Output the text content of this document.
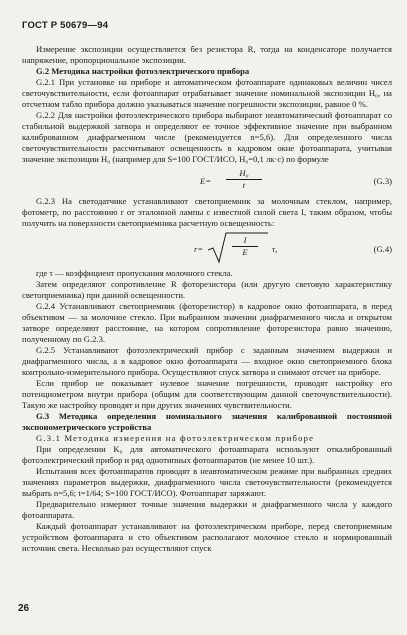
ГОСТ Р 50679—94

Измерение экспозиции осуществляется без резистора R, тогда на конденсаторе получается напряжение, пропорциональное экспозиции.

G.2 Методика настройки фотоэлектрического прибора

G.2.1 При установке на приборе и автоматическом фотоаппарате одинаковых величин чисел светочувствительности, если фотоаппарат отрабатывает значение номинальной экспозиции H₀, на отсчетном табло прибора должно указываться значение погрешности экспозиции, равное 0 %.

G.2.2 Для настройки фотоэлектрического прибора выбирают неавтоматический фотоаппарат со стабильной выдержкой затвора и определяют ее точное эффективное значение при выбранном калиброванном диафрагменном числе (рекомендуется n=5,6). Для определенного числа светочувствительности рассчитывают освещенность в кадровом окне фотоаппарата, учитывая значение экспозиции H₀ (например для S=100 ГОСТ/ИСО, H₀=0,1 лк·с) по формуле

$E= \frac{\text{H₀}}{t}$	(G.3)

G.2.3 На светодатчике устанавливают светоприемник за молочным стеклом, например, фотометр, по расстоянию r от эталонной лампы с известной силой света I, таким образом, чтобы получить на поверхности светоприемника расчетную освещенность:

r=	$\frac{I}{E} \tau$,	(G.4)

где τ — коэффициент пропускания молочного стекла.

Затем определяют сопротивление R фоторезистора (или другую световую характеристику светоприемника) при данной освещенности.

G.2.4 Устанавливают светоприемник (фоторезистор) в кадровое окно фотоаппарата, в перед объективом — за молочное стекло. При выбранном значении диафрагменного числа и открытом затворе определяют расстояние, на котором сопротивление фоторезистора равно значению, полученному по G.2.3.

G.2.5 Устанавливают фотоэлектрический прибор с заданным значением выдержки и диафрагменного числа, а в кадровое окно фотоаппарата — входное окно светоприемного блока контрольно-измерительного прибора. Осуществляют спуск затвора и снимают отсчет на приборе.

Если прибор не показывает нулевое значение погрешности, проводят настройку его потенциометром внутри прибора (общим для соответствующим данной светочувствительности). Такую же настройку проводят и при других значениях чувствительности.

G.3 Методика определения номинального значения калиброванной постоянной экспонометрического устройства

G.3.1 Методика измерения на фотоэлектрическом приборе

При определении K₀ для автоматического фотоаппарата используют откалиброванный фотоэлектрический прибор и ряд однотипных фотоаппаратов (не менее 10 шт.).

Испытания всех фотоаппаратов проводят в неавтоматическом режиме при выбранных средних значениях параметров выдержки, диафрагменного числа светочувствительности (рекомендуется выбрать n=5,6; t=1/64; S=100 ГОСТ/ИСО). Фотоаппарат заряжают.

Предварительно измеряют точные значения выдержки и диафрагменного числа у каждого фотоаппарата.

Каждый фотоаппарат устанавливают на фотоэлектрическом приборе, перед светоприемным устройством фотоаппарата и сто объективом располагают молочное стекло и нормированный источник света. Несколько раз осуществляют спуск

26
